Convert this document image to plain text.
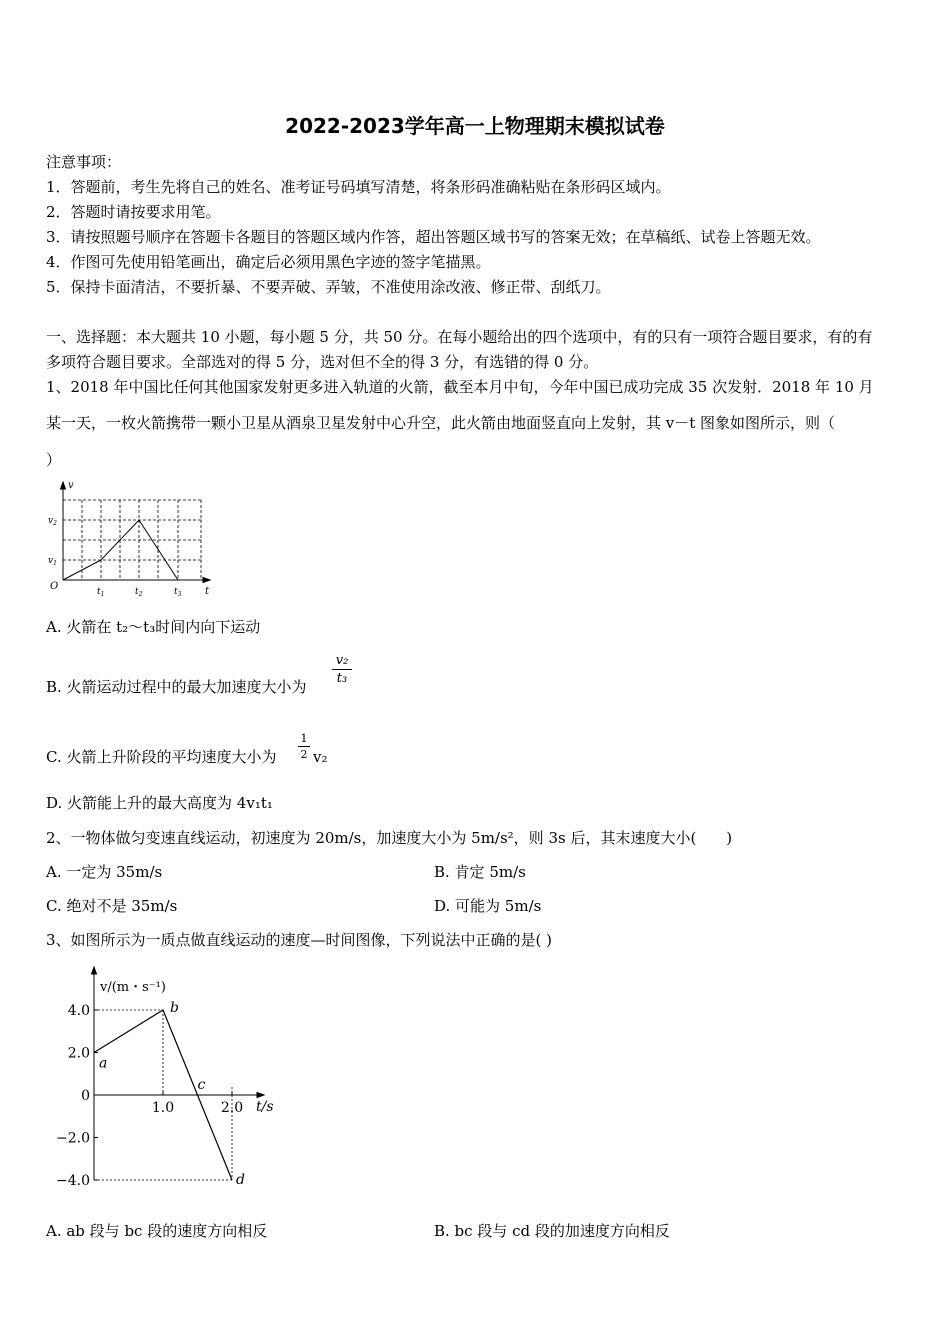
2022-2023学年高一上物理期末模拟试卷
注意事项：
1．答题前，考生先将自己的姓名、准考证号码填写清楚，将条形码准确粘贴在条形码区域内。
2．答题时请按要求用笔。
3．请按照题号顺序在答题卡各题目的答题区域内作答，超出答题区域书写的答案无效；在草稿纸、试卷上答题无效。
4．作图可先使用铅笔画出，确定后必须用黑色字迹的签字笔描黑。
5．保持卡面清洁，不要折暴、不要弄破、弄皱，不准使用涂改液、修正带、刮纸刀。
一、选择题：本大题共 10 小题，每小题 5 分，共 50 分。在每小题给出的四个选项中，有的只有一项符合题目要求，有的有
多项符合题目要求。全部选对的得 5 分，选对但不全的得 3 分，有选错的得 0 分。
1、2018 年中国比任何其他国家发射更多进入轨道的火箭，截至本月中旬，今年中国已成功完成 35 次发射．2018 年 10 月
某一天，一枚火箭携带一颗小卫星从酒泉卫星发射中心升空，此火箭由地面竖直向上发射，其 v－t 图象如图所示，则（
）
v
t
O
$v_1$
$v_2$
$t_1$	$t_2$	$t_3$
A. 火箭在 t₂～t₃时间内向下运动
B. 火箭运动过程中的最大加速度大小为
v₂
t₃
C. 火箭上升阶段的平均速度大小为
1
2 v₂
D. 火箭能上升的最大高度为 4v₁t₁
2、一物体做匀变速直线运动，初速度为 20m/s，加速度大小为 5m/s²，则 3s 后，其末速度大小(　　)
A. 一定为 35m/s	B. 肯定 5m/s
C. 绝对不是 35m/s	D. 可能为 5m/s
3、如图所示为一质点做直线运动的速度—时间图像，下列说法中正确的是( )
4.0
2.0
0
−2.0
−4.0
1.0	2.0
a
b
c
d
v/(m・s⁻¹)
t/s
A. ab 段与 bc 段的速度方向相反	B. bc 段与 cd 段的加速度方向相反
